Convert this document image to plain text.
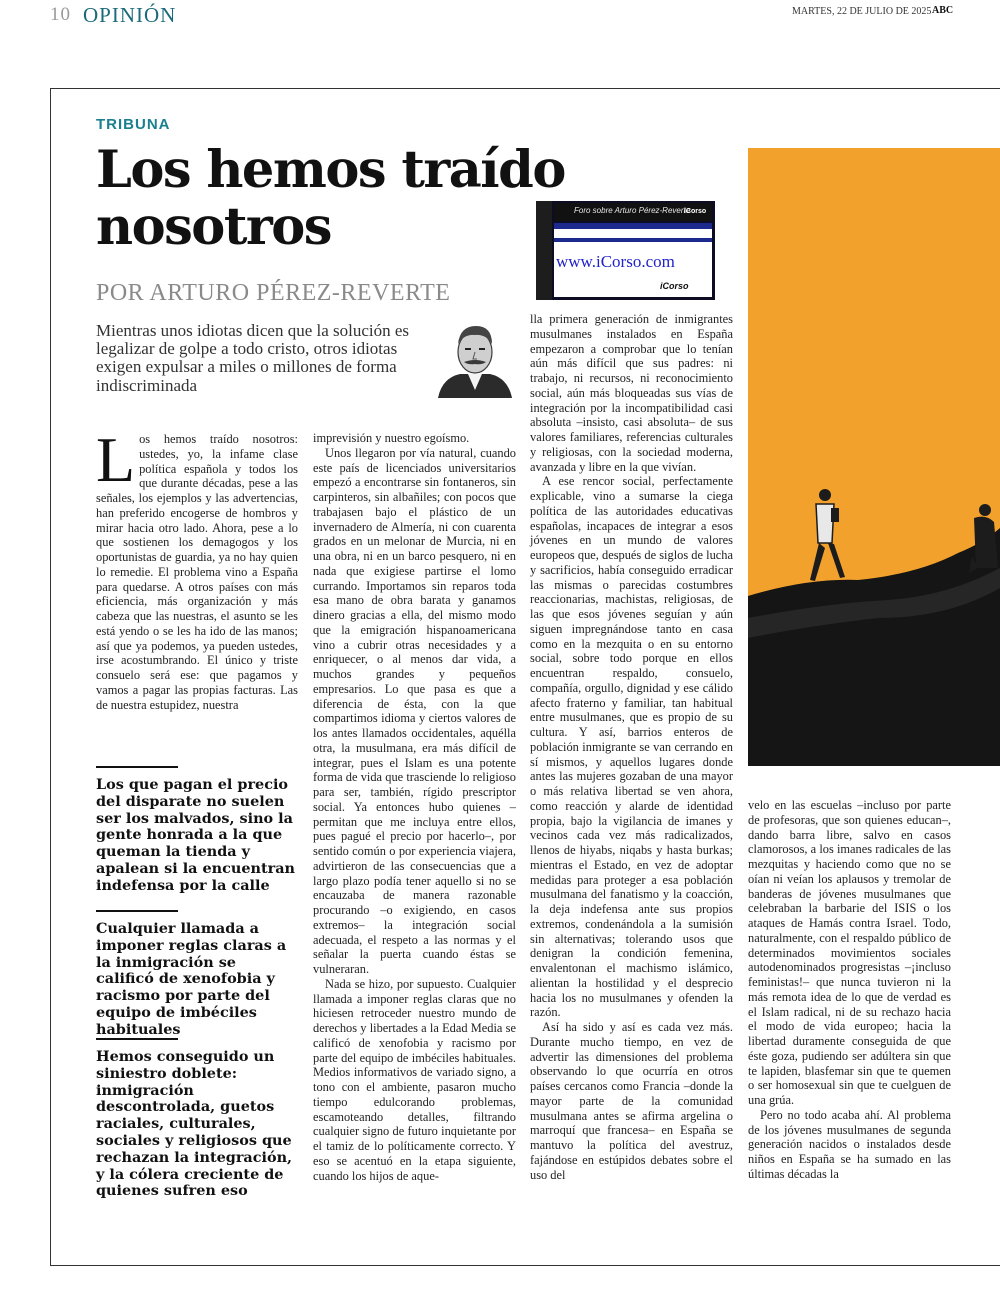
10 OPINIÓN	MARTES, 22 DE JULIO DE 2025 ABC
TRIBUNA
Los hemos traído nosotros
POR ARTURO PÉREZ-REVERTE
Foro sobre Arturo Pérez-Reverte
iCorso
www.iCorso.com
iCorso
Mientras unos idiotas dicen que la solución es legalizar de golpe a todo cristo, otros idiotas exigen expulsar a miles o millones de forma indiscriminada
L os hemos traído nosotros: ustedes, yo, la infame clase política española y todos los que durante décadas, pese a las señales, los ejemplos y las advertencias, han preferido encogerse de hombros y mirar hacia otro lado. Ahora, pese a lo que sostienen los demagogos y los oportunistas de guardia, ya no hay quien lo remedie. El problema vino a España para quedarse. A otros países con más eficiencia, más organización y más cabeza que las nuestras, el asunto se les está yendo o se les ha ido de las manos; así que ya podemos, ya pueden ustedes, irse acostumbrando. El único y triste consuelo será ese: que pagamos y vamos a pagar las propias facturas. Las de nuestra estupidez, nuestra
Los que pagan el precio del disparate no suelen ser los malvados, sino la gente honrada a la que queman la tienda y apalean si la encuentran indefensa por la calle
Cualquier llamada a imponer reglas claras a la inmigración se calificó de xenofobia y racismo por parte del equipo de imbéciles habituales
Hemos conseguido un siniestro doblete: inmigración descontrolada, guetos raciales, culturales, sociales y religiosos que rechazan la integración, y la cólera creciente de quienes sufren eso

imprevisión y nuestro egoísmo.

Unos llegaron por vía natural, cuando este país de licenciados universitarios empezó a encontrarse sin fontaneros, sin carpinteros, sin albañiles; con pocos que trabajasen bajo el plástico de un invernadero de Almería, ni con cuarenta grados en un melonar de Murcia, ni en una obra, ni en un barco pesquero, ni en nada que exigiese partirse el lomo currando. Importamos sin reparos toda esa mano de obra barata y ganamos dinero gracias a ella, del mismo modo que la emigración hispanoamericana vino a cubrir otras necesidades y a enriquecer, o al menos dar vida, a muchos grandes y pequeños empresarios. Lo que pasa es que a diferencia de ésta, con la que compartimos idioma y ciertos valores de los antes llamados occidentales, aquélla otra, la musulmana, era más difícil de integrar, pues el Islam es una potente forma de vida que trasciende lo religioso para ser, también, rígido prescriptor social. Ya entonces hubo quienes –permitan que me incluya entre ellos, pues pagué el precio por hacerlo–, por sentido común o por experiencia viajera, advirtieron de las consecuencias que a largo plazo podía tener aquello si no se encauzaba de manera razonable procurando –o exigiendo, en casos extremos– la integración social adecuada, el respeto a las normas y el señalar la puerta cuando éstas se vulneraran.

Nada se hizo, por supuesto. Cualquier llamada a imponer reglas claras que no hiciesen retroceder nuestro mundo de derechos y libertades a la Edad Media se calificó de xenofobia y racismo por parte del equipo de imbéciles habituales. Medios informativos de variado signo, a tono con el ambiente, pasaron mucho tiempo edulcorando problemas, escamoteando detalles, filtrando cualquier signo de futuro inquietante por el tamiz de lo políticamente correcto. Y eso se acentuó en la etapa siguiente, cuando los hijos de aque-

lla primera generación de inmigrantes musulmanes instalados en España empezaron a comprobar que lo tenían aún más difícil que sus padres: ni trabajo, ni recursos, ni reconocimiento social, aún más bloqueadas sus vías de integración por la incompatibilidad casi absoluta –insisto, casi absoluta– de sus valores familiares, referencias culturales y religiosas, con la sociedad moderna, avanzada y libre en la que vivían.

A ese rencor social, perfectamente explicable, vino a sumarse la ciega política de las autoridades educativas españolas, incapaces de integrar a esos jóvenes en un mundo de valores europeos que, después de siglos de lucha y sacrificios, había conseguido erradicar las mismas o parecidas costumbres reaccionarias, machistas, religiosas, de las que esos jóvenes seguían y aún siguen impregnándose tanto en casa como en la mezquita o en su entorno social, sobre todo porque en ellos encuentran respaldo, consuelo, compañía, orgullo, dignidad y ese cálido afecto fraterno y familiar, tan habitual entre musulmanes, que es propio de su cultura. Y así, barrios enteros de población inmigrante se van cerrando en sí mismos, y aquellos lugares donde antes las mujeres gozaban de una mayor o más relativa libertad se ven ahora, como reacción y alarde de identidad propia, bajo la vigilancia de imanes y vecinos cada vez más radicalizados, llenos de hiyabs, niqabs y hasta burkas; mientras el Estado, en vez de adoptar medidas para proteger a esa población musulmana del fanatismo y la coacción, la deja indefensa ante sus propios extremos, condenándola a la sumisión sin alternativas; tolerando usos que denigran la condición femenina, envalentonan el machismo islámico, alientan la hostilidad y el desprecio hacia los no musulmanes y ofenden la razón.

Así ha sido y así es cada vez más. Durante mucho tiempo, en vez de advertir las dimensiones del problema observando lo que ocurría en otros países cercanos como Francia –donde la mayor parte de la comunidad musulmana antes se afirma argelina o marroquí que francesa– en España se mantuvo la política del avestruz, fajándose en estúpidos debates sobre el uso del

velo en las escuelas –incluso por parte de profesoras, que son quienes educan–, dando barra libre, salvo en casos clamorosos, a los imanes radicales de las mezquitas y haciendo como que no se oían ni veían los aplausos y tremolar de banderas de jóvenes musulmanes que celebraban la barbarie del ISIS o los ataques de Hamás contra Israel. Todo, naturalmente, con el respaldo público de determinados movimientos sociales autodenominados progresistas –¡incluso feministas!– que nunca tuvieron ni la más remota idea de lo que de verdad es el Islam radical, ni de su rechazo hacia el modo de vida europeo; hacia la libertad duramente conseguida de que éste goza, pudiendo ser adúltera sin que te lapiden, blasfemar sin que te quemen o ser homosexual sin que te cuelguen de una grúa.

Pero no todo acaba ahí. Al problema de los jóvenes musulmanes de segunda generación nacidos o instalados desde niños en España se ha sumado en las últimas décadas la
